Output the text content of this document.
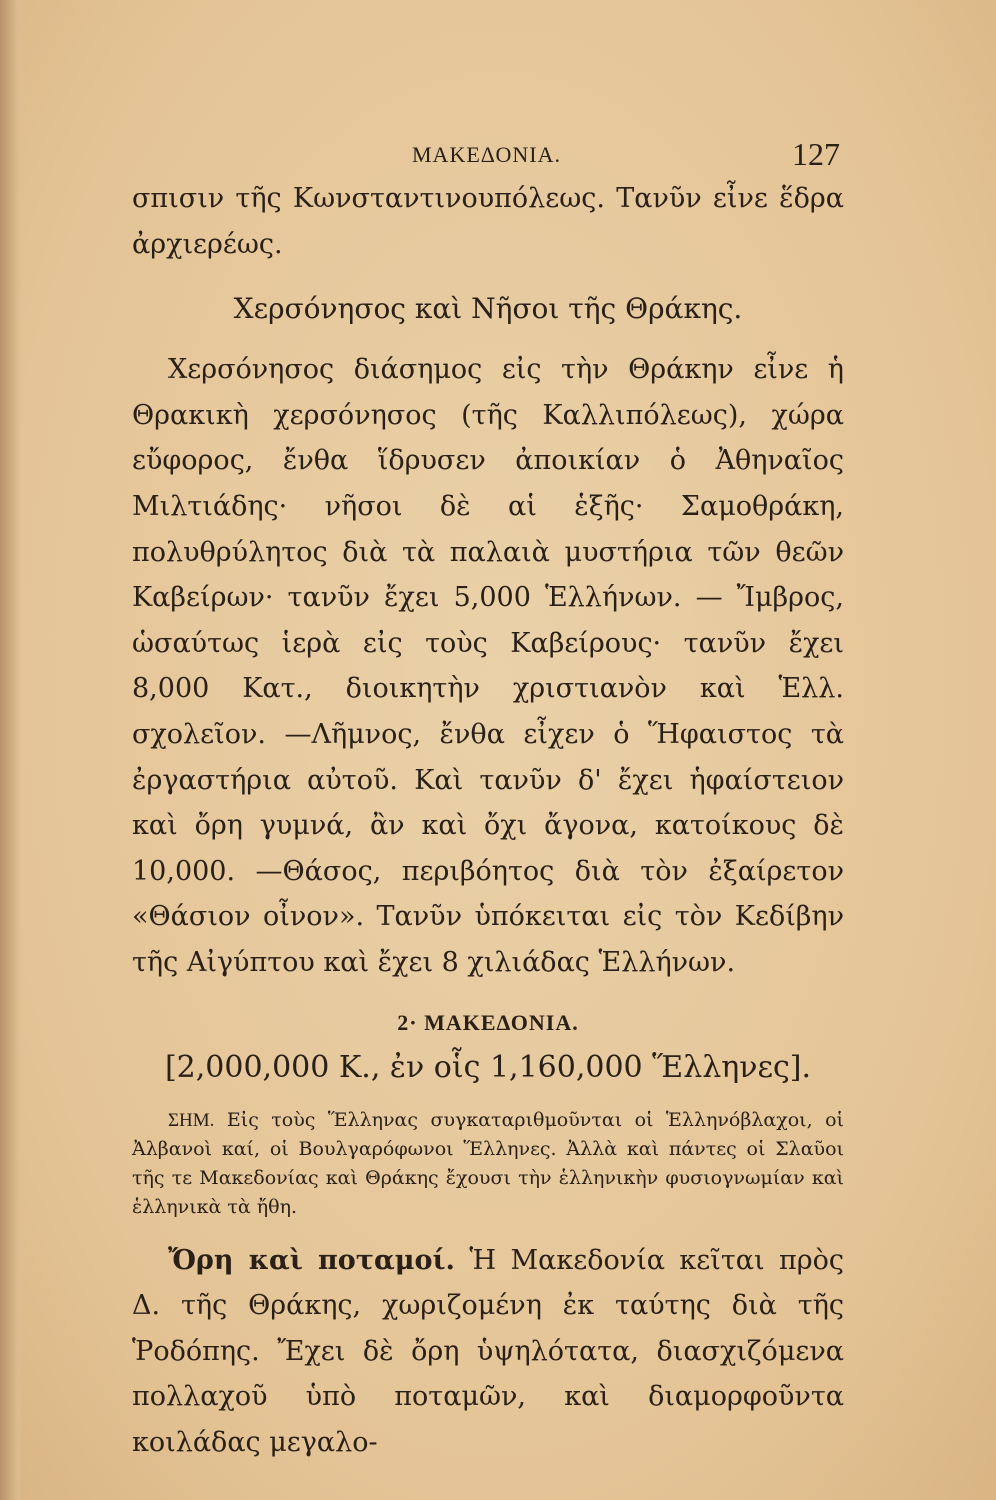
ΜΑΚΕΔΟΝΙΑ.	127

σπισιν τῆς Κωνσταντινουπόλεως. Τανῦν εἶνε ἕδρα ἀρχιερέως.

Χερσόνησος καὶ Νῆσοι τῆς Θράκης.

Χερσόνησος διάσημος εἰς τὴν Θράκην εἶνε ἡ Θρακικὴ χερσόνησος (τῆς Καλλιπόλεως), χώρα εὔφορος, ἔνθα ἵδρυσεν ἀποικίαν ὁ Ἀθηναῖος Μιλτιάδης· νῆσοι δὲ αἱ ἑξῆς· Σαμοθράκη, πολυθρύλητος διὰ τὰ παλαιὰ μυστήρια τῶν θεῶν Καβείρων· τανῦν ἔχει 5,000 Ἑλλήνων. — Ἴμβρος, ὡσαύτως ἱερὰ εἰς τοὺς Καβείρους· τανῦν ἔχει 8,000 Κατ., διοικητὴν χριστιανὸν καὶ Ἑλλ. σχολεῖον. —Λῆμνος, ἔνθα εἶχεν ὁ Ἥφαιστος τὰ ἐργαστήρια αὐτοῦ. Καὶ τανῦν δ' ἔχει ἡφαίστειον καὶ ὄρη γυμνά, ἂν καὶ ὄχι ἄγονα, κατοίκους δὲ 10,000. —Θάσος, περιβόητος διὰ τὸν ἐξαίρετον «Θάσιον οἶνον». Τανῦν ὑπόκειται εἰς τὸν Κεδίβην τῆς Αἰγύπτου καὶ ἔχει 8 χιλιάδας Ἑλλήνων.

2· ΜΑΚΕΔΟΝΙΑ.
[2,000,000 Κ., ἐν οἷς 1,160,000 Ἕλληνες].

ΣΗΜ. Εἰς τοὺς Ἕλληνας συγκαταριθμοῦνται οἱ Ἑλληνόβλαχοι, οἱ Ἀλβανοὶ καί, οἱ Βουλγαρόφωνοι Ἕλληνες. Ἀλλὰ καὶ πάντες οἱ Σλαῦοι τῆς τε Μακεδονίας καὶ Θράκης ἔχουσι τὴν ἑλληνικὴν φυσιογνωμίαν καὶ ἑλληνικὰ τὰ ἤθη.

Ὄρη καὶ ποταμοί. Ἡ Μακεδονία κεῖται πρὸς Δ. τῆς Θράκης, χωριζομένη ἐκ ταύτης διὰ τῆς Ῥοδόπης. Ἔχει δὲ ὄρη ὑψηλότατα, διασχιζόμενα πολλαχοῦ ὑπὸ ποταμῶν, καὶ διαμορφοῦντα κοιλάδας μεγαλο-
